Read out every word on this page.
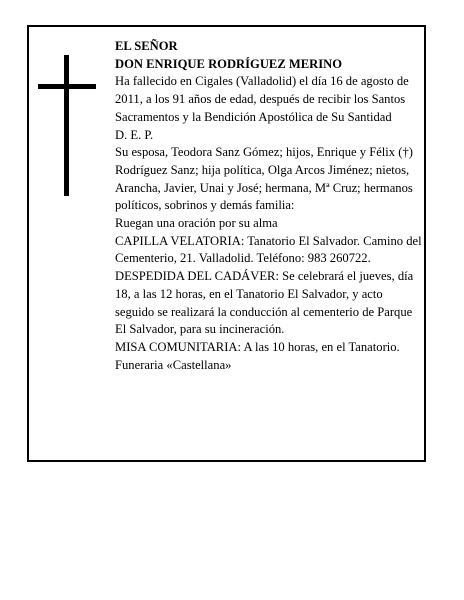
EL SEÑOR

DON ENRIQUE RODRÍGUEZ MERINO

Ha fallecido en Cigales (Valladolid) el día 16 de agosto de 2011, a los 91 años de edad, después de recibir los Santos Sacramentos y la Bendición Apostólica de Su Santidad

D. E. P.

Su esposa, Teodora Sanz Gómez; hijos, Enrique y Félix (†) Rodríguez Sanz; hija política, Olga Arcos Jiménez; nietos, Arancha, Javier, Unai y José; hermana, Mª Cruz; hermanos políticos, sobrinos y demás familia:

Ruegan una oración por su alma

CAPILLA VELATORIA: Tanatorio El Salvador. Camino del Cementerio, 21. Valladolid. Teléfono: 983 260722.

DESPEDIDA DEL CADÁVER: Se celebrará el jueves, día 18, a las 12 horas, en el Tanatorio El Salvador, y acto seguido se realizará la conducción al cementerio de Parque El Salvador, para su incineración.

MISA COMUNITARIA: A las 10 horas, en el Tanatorio.

Funeraria «Castellana»
